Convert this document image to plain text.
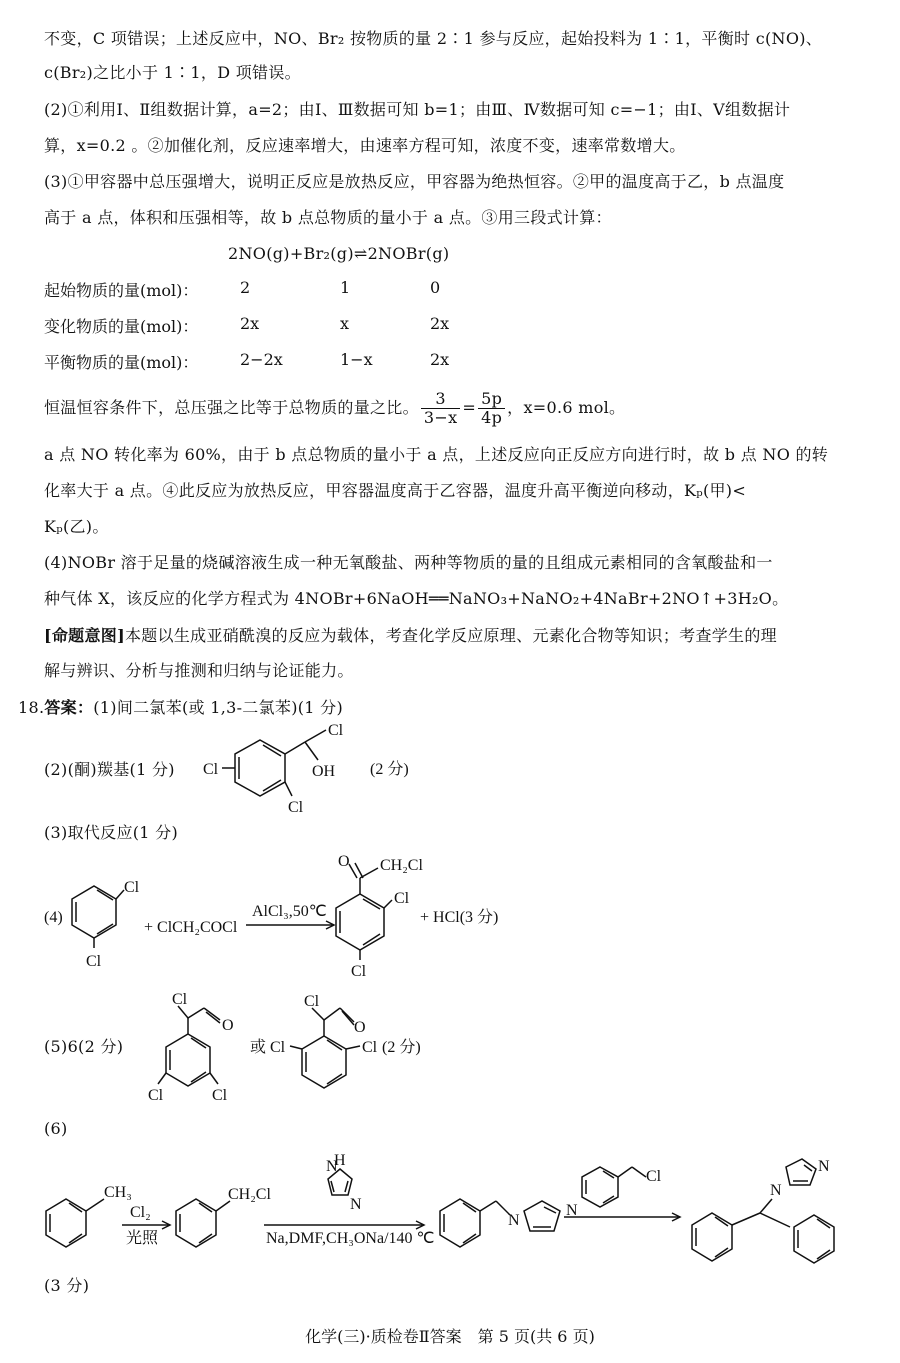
不变，C 项错误；上述反应中，NO、Br₂ 按物质的量 2∶1 参与反应，起始投料为 1∶1，平衡时 c(NO)、
c(Br₂)之比小于 1∶1，D 项错误。
(2)①利用Ⅰ、Ⅱ组数据计算，a=2；由Ⅰ、Ⅲ数据可知 b=1；由Ⅲ、Ⅳ数据可知 c=−1；由Ⅰ、Ⅴ组数据计
算，x=0.2 。②加催化剂，反应速率增大，由速率方程可知，浓度不变，速率常数增大。
(3)①甲容器中总压强增大，说明正反应是放热反应，甲容器为绝热恒容。②甲的温度高于乙，b 点温度
高于 a 点，体积和压强相等，故 b 点总物质的量小于 a 点。③用三段式计算：
2NO(g)+Br₂(g)⇌2NOBr(g)
起始物质的量(mol)：	2	1	0
变化物质的量(mol)：	2x	x	2x
平衡物质的量(mol)：	2−2x	1−x	2x
恒温恒容条件下，总压强之比等于总物质的量之比。 $\frac{3}{3-x} = \frac{5p}{4p}$ ，x=0.6 mol。
a 点 NO 转化率为 60%，由于 b 点总物质的量小于 a 点，上述反应向正反应方向进行时，故 b 点 NO 的转
化率大于 a 点。④此反应为放热反应，甲容器温度高于乙容器，温度升高平衡逆向移动，Kₚ(甲)<
Kₚ(乙)。
(4)NOBr 溶于足量的烧碱溶液生成一种无氧酸盐、两种等物质的量的且组成元素相同的含氧酸盐和一
种气体 X，该反应的化学方程式为 4NOBr+6NaOH══NaNO₃+NaNO₂+4NaBr+2NO↑+3H₂O。
[命题意图]本题以生成亚硝酰溴的反应为载体，考查化学反应原理、元素化合物等知识；考查学生的理
解与辨识、分析与推测和归纳与论证能力。
18.答案：(1)间二氯苯(或 1,3-二氯苯)(1 分)
(2)(酮)羰基(1 分) Cl
Cl
OH
Cl
(2 分)
(3)取代反应(1 分)
(4)
Cl
Cl
+ ClCH₂COCl
AlCl₃,50℃
O CH₂Cl
Cl
Cl
+ HCl(3 分)
(5)6(2 分)
Cl
O
Cl	Cl
或
Cl
O
Cl	Cl (2 分)
(6)
CH₃
Cl₂
光照
CH₂Cl
H
N
N
Na,DMF,CH₃ONa/140 ℃
N
N
Cl
N
N
(3 分)
化学(三)·质检卷Ⅱ答案　第 5 页(共 6 页)
